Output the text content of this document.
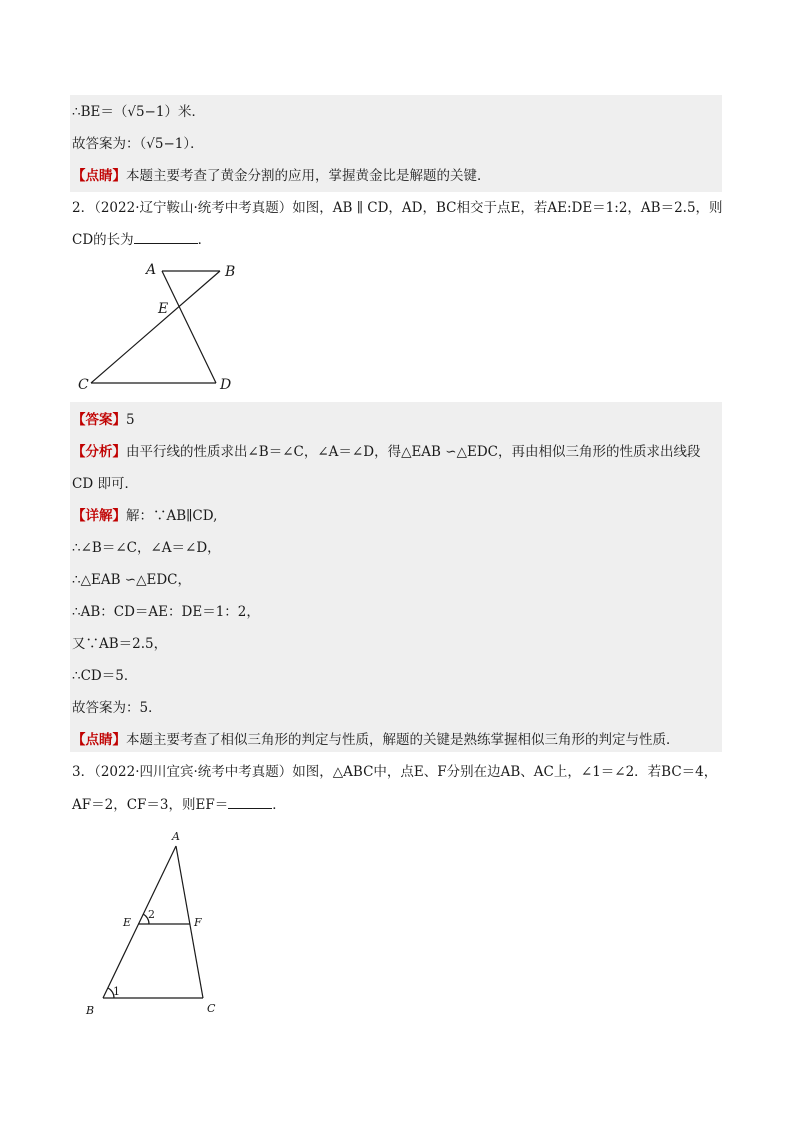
∴BE＝（√5−1）米．
故答案为：（√5−1）．
【点睛】本题主要考查了黄金分割的应用，掌握黄金比是解题的关键．
2．（2022·辽宁鞍山·统考中考真题）如图，AB ∥ CD，AD，BC相交于点E，若AE:DE＝1:2，AB＝2.5，则
CD的长为	．
A	B
E
C	D
【答案】5
【分析】由平行线的性质求出∠B＝∠C，∠A＝∠D，得△EAB ∽△EDC，再由相似三角形的性质求出线段
CD 即可．
【详解】解：∵AB∥CD,
∴∠B＝∠C，∠A＝∠D，
∴△EAB ∽△EDC，
∴AB：CD＝AE：DE＝1：2，
又∵AB＝2.5，
∴CD＝5．
故答案为：5．
【点睛】本题主要考查了相似三角形的判定与性质，解题的关键是熟练掌握相似三角形的判定与性质．
3．（2022·四川宜宾·统考中考真题）如图，△ABC中，点E、F分别在边AB、AC上，∠1＝∠2．若BC＝4，
AF＝2，CF＝3，则EF＝	．
A
E	F
2
1
B	C
